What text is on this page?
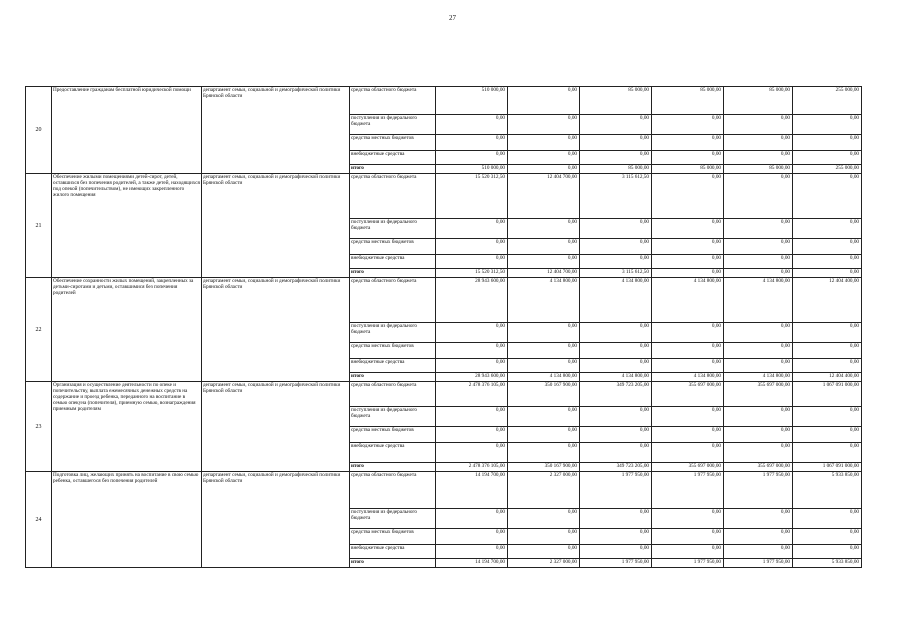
27
20	Предоставление гражданам бесплатной юридической помощи	департамент семьи, социальной и демографической политики Брянской области	средства областного бюджета	510 000,00	0,00	85 000,00	85 000,00	85 000,00	255 000,00
			поступления из федерального бюджета	0,00	0,00	0,00	0,00	0,00	0,00
			средства местных бюджетов	0,00	0,00	0,00	0,00	0,00	0,00
			внебюджетные средства	0,00	0,00	0,00	0,00	0,00	0,00
			итого	510 000,00	0,00	85 000,00	85 000,00	85 000,00	255 000,00
21	Обеспечение жилыми помещениями детей-сирот, детей, оставшихся без попечения родителей, а также детей, находящихся под опекой (попечительством), не имеющих закрепленного жилого помещения	департамент семьи, социальной и демографической политики Брянской области	средства областного бюджета	15 520 312,50	12 404 700,00	3 115 612,50	0,00	0,00	0,00
			поступления из федерального бюджета	0,00	0,00	0,00	0,00	0,00	0,00
			средства местных бюджетов	0,00	0,00	0,00	0,00	0,00	0,00
			внебюджетные средства	0,00	0,00	0,00	0,00	0,00	0,00
			итого	15 520 312,50	12 404 700,00	3 115 612,50	0,00	0,00	0,00
22	Обеспечение сохранности жилых помещений, закрепленных за детьми-сиротами и детьми, оставшимися без попечения родителей	департамент семьи, социальной и демографической политики Брянской области	средства областного бюджета	28 943 600,00	4 134 800,00	4 134 800,00	4 134 800,00	4 134 800,00	12 404 400,00
			поступления из федерального бюджета	0,00	0,00	0,00	0,00	0,00	0,00
			средства местных бюджетов	0,00	0,00	0,00	0,00	0,00	0,00
			внебюджетные средства	0,00	0,00	0,00	0,00	0,00	0,00
			итого	28 943 600,00	4 134 800,00	4 134 800,00	4 134 800,00	4 134 800,00	12 404 400,00
23	Организация и осуществление деятельности по опеке и попечительству, выплата ежемесячных денежных средств на содержание и проезд ребенка, переданного на воспитание в семью опекуна (попечителя), приемную семью, вознаграждения приемным родителям	департамент семьи, социальной и демографической политики Брянской области	средства областного бюджета	2 478 376 105,00	350 167 900,00	349 723 205,00	355 697 000,00	355 697 000,00	1 067 091 000,00
			поступления из федерального бюджета	0,00	0,00	0,00	0,00	0,00	0,00
			средства местных бюджетов	0,00	0,00	0,00	0,00	0,00	0,00
			внебюджетные средства	0,00	0,00	0,00	0,00	0,00	0,00
			итого	2 478 376 105,00	350 167 900,00	349 723 205,00	355 697 000,00	355 697 000,00	1 067 091 000,00
24	Подготовка лиц, желающих принять на воспитание в свою семью ребенка, оставшегося без попечения родителей	департамент семьи, социальной и демографической политики Брянской области	средства областного бюджета	14 194 700,00	2 327 000,00	1 977 950,00	1 977 950,00	1 977 950,00	5 933 850,00
			поступления из федерального бюджета	0,00	0,00	0,00	0,00	0,00	0,00
			средства местных бюджетов	0,00	0,00	0,00	0,00	0,00	0,00
			внебюджетные средства	0,00	0,00	0,00	0,00	0,00	0,00
			итого	14 194 700,00	2 327 000,00	1 977 950,00	1 977 950,00	1 977 950,00	5 933 850,00
